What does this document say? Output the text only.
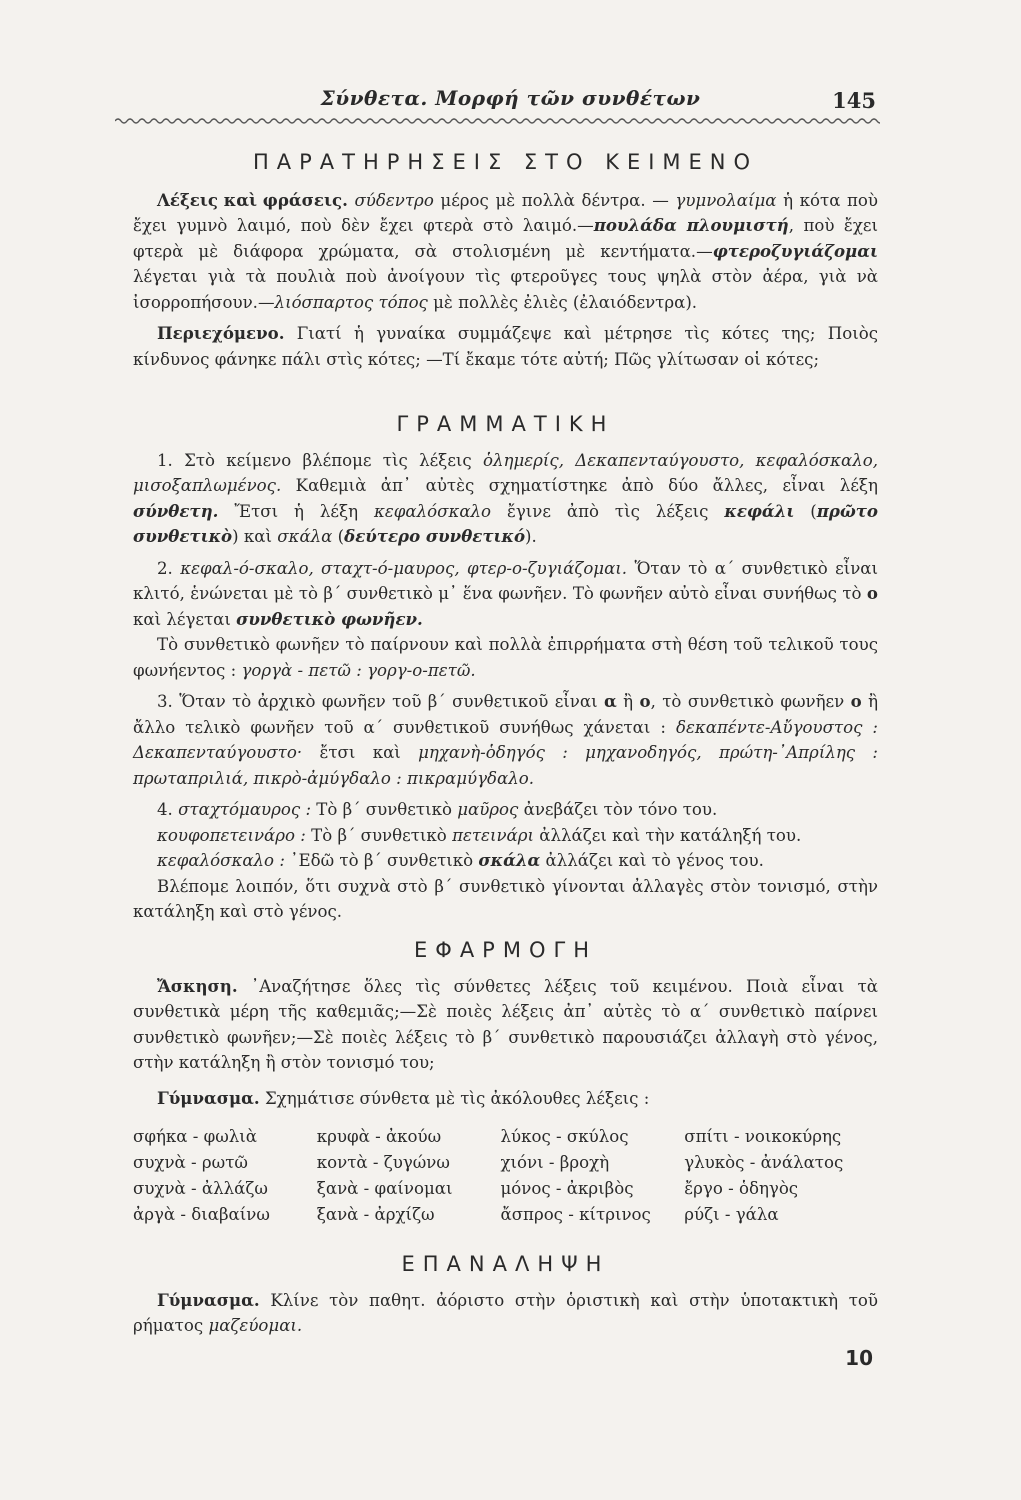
Σύνθετα. Μορφή τῶν συνθέτων	145
ΠΑΡΑΤΗΡΗΣΕΙΣ ΣΤΟ ΚΕΙΜΕΝΟ

Λέξεις καὶ φράσεις. σύδεντρο μέρος μὲ πολλὰ δέντρα. — γυμνολαίμα ἡ κότα ποὺ ἔχει γυμνὸ λαιμό, ποὺ δὲν ἔχει φτερὰ στὸ λαιμό.—πουλάδα πλουμιστή, ποὺ ἔχει φτερὰ μὲ διάφορα χρώματα, σὰ στολισμένη μὲ κεντήματα.—φτεροζυγιάζομαι λέγεται γιὰ τὰ πουλιὰ ποὺ ἀνοίγουν τὶς φτεροῦγες τους ψηλὰ στὸν ἀέρα, γιὰ νὰ ἰσορροπήσουν.—λιόσπαρτος τόπος μὲ πολλὲς ἐλιὲς (ἐλαιόδεντρα).

Περιεχόμενο. Γιατί ἡ γυναίκα συμμάζεψε καὶ μέτρησε τὶς κότες της; Ποιὸς κίνδυνος φάνηκε πάλι στὶς κότες; —Τί ἔκαμε τότε αὐτή; Πῶς γλίτωσαν οἱ κότες;

ΓΡΑΜΜΑΤΙΚΗ

1. Στὸ κείμενο βλέπομε τὶς λέξεις ὁλημερίς, Δεκαπενταύγουστο, κεφαλόσκαλο, μισοξαπλωμένος. Καθεμιὰ ἀπ᾽ αὐτὲς σχηματίστηκε ἀπὸ δύο ἄλλες, εἶναι λέξη σύνθετη. Ἔτσι ἡ λέξη κεφαλόσκαλο ἔγινε ἀπὸ τὶς λέξεις κεφάλι (πρῶτο συνθετικὸ) καὶ σκάλα (δεύτερο συνθετικό).

2. κεφαλ-ό-σκαλο, σταχτ-ό-μαυρος, φτερ-ο-ζυγιάζομαι. Ὅταν τὸ α΄ συνθετικὸ εἶναι κλιτό, ἑνώνεται μὲ τὸ β΄ συνθετικὸ μ᾽ ἕνα φωνῆεν. Τὸ φωνῆεν αὐτὸ εἶναι συνήθως τὸ ο καὶ λέγεται συνθετικὸ φωνῆεν.

Τὸ συνθετικὸ φωνῆεν τὸ παίρνουν καὶ πολλὰ ἐπιρρήματα στὴ θέση τοῦ τελικοῦ τους φωνήεντος : γοργὰ - πετῶ : γοργ-ο-πετῶ.

3. Ὅταν τὸ ἀρχικὸ φωνῆεν τοῦ β΄ συνθετικοῦ εἶναι α ἢ ο, τὸ συνθετικὸ φωνῆεν ο ἢ ἄλλο τελικὸ φωνῆεν τοῦ α΄ συνθετικοῦ συνήθως χάνεται : δεκαπέντε-Αὔγουστος : Δεκαπενταύγουστο· ἔτσι καὶ μηχανὴ-ὁδηγός : μηχανοδηγός, πρώτη-᾽Απρίλης : πρωταπριλιά, πικρὸ-ἀμύγδαλο : πικραμύγδαλο.

4. σταχτόμαυρος : Τὸ β΄ συνθετικὸ μαῦρος ἀνεβάζει τὸν τόνο του.

κουφοπετεινάρο : Τὸ β΄ συνθετικὸ πετεινάρι ἀλλάζει καὶ τὴν κατάληξή του.

κεφαλόσκαλο : ᾽Εδῶ τὸ β΄ συνθετικὸ σκάλα ἀλλάζει καὶ τὸ γένος του.

Βλέπομε λοιπόν, ὅτι συχνὰ στὸ β΄ συνθετικὸ γίνονται ἀλλαγὲς στὸν τονισμό, στὴν κατάληξη καὶ στὸ γένος.

ΕΦΑΡΜΟΓΗ

Ἄσκηση. ᾽Αναζήτησε ὅλες τὶς σύνθετες λέξεις τοῦ κειμένου. Ποιὰ εἶναι τὰ συνθετικὰ μέρη τῆς καθεμιᾶς;—Σὲ ποιὲς λέξεις ἀπ᾽ αὐτὲς τὸ α΄ συνθετικὸ παίρνει συνθετικὸ φωνῆεν;—Σὲ ποιὲς λέξεις τὸ β΄ συνθετικὸ παρουσιάζει ἀλλαγὴ στὸ γένος, στὴν κατάληξη ἢ στὸν τονισμό του;

Γύμνασμα. Σχημάτισε σύνθετα μὲ τὶς ἀκόλουθες λέξεις :

σφήκα - φωλιὰ	κρυφὰ - ἀκούω	λύκος - σκύλος	σπίτι - νοικοκύρης
συχνὰ - ρωτῶ	κοντὰ - ζυγώνω	χιόνι - βροχὴ	γλυκὸς - ἀνάλατος
συχνὰ - ἀλλάζω	ξανὰ - φαίνομαι	μόνος - ἀκριβὸς	ἔργο - ὁδηγὸς
ἀργὰ - διαβαίνω	ξανὰ - ἀρχίζω	ἄσπρος - κίτρινος	ρύζι - γάλα
ΕΠΑΝΑΛΗΨΗ

Γύμνασμα. Κλίνε τὸν παθητ. ἀόριστο στὴν ὁριστικὴ καὶ στὴν ὑποτακτικὴ τοῦ ρήματος μαζεύομαι.

10
